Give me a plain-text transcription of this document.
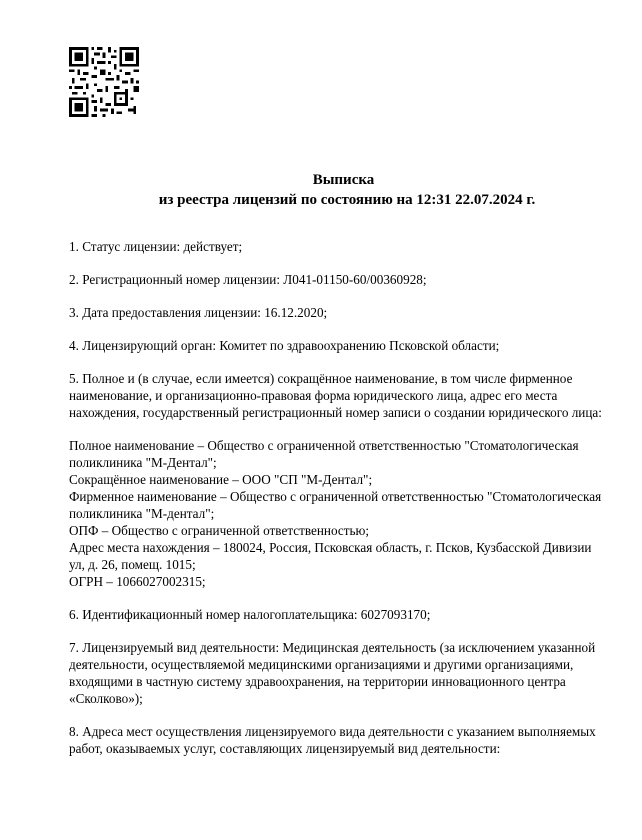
Выписка
из реестра лицензий по состоянию на 12:31 22.07.2024 г.
1. Статус лицензии: действует;
2. Регистрационный номер лицензии: Л041-01150-60/00360928;
3. Дата предоставления лицензии: 16.12.2020;
4. Лицензирующий орган: Комитет по здравоохранению Псковской области;
5. Полное и (в случае, если имеется) сокращённое наименование, в том числе фирменное
наименование, и организационно-правовая форма юридического лица, адрес его места
нахождения, государственный регистрационный номер записи о создании юридического лица:
Полное наименование – Общество с ограниченной ответственностью "Стоматологическая
поликлиника "М-Дентал";
Сокращённое наименование – ООО "СП "М-Дентал";
Фирменное наименование – Общество с ограниченной ответственностью "Стоматологическая
поликлиника "М-дентал";
ОПФ – Общество с ограниченной ответственностью;
Адрес места нахождения – 180024, Россия, Псковская область, г. Псков, Кузбасской Дивизии
ул, д. 26, помещ. 1015;
ОГРН – 1066027002315;
6. Идентификационный номер налогоплательщика: 6027093170;
7. Лицензируемый вид деятельности: Медицинская деятельность (за исключением указанной
деятельности, осуществляемой медицинскими организациями и другими организациями,
входящими в частную систему здравоохранения, на территории инновационного центра
«Сколково»);
8. Адреса мест осуществления лицензируемого вида деятельности с указанием выполняемых
работ, оказываемых услуг, составляющих лицензируемый вид деятельности:
